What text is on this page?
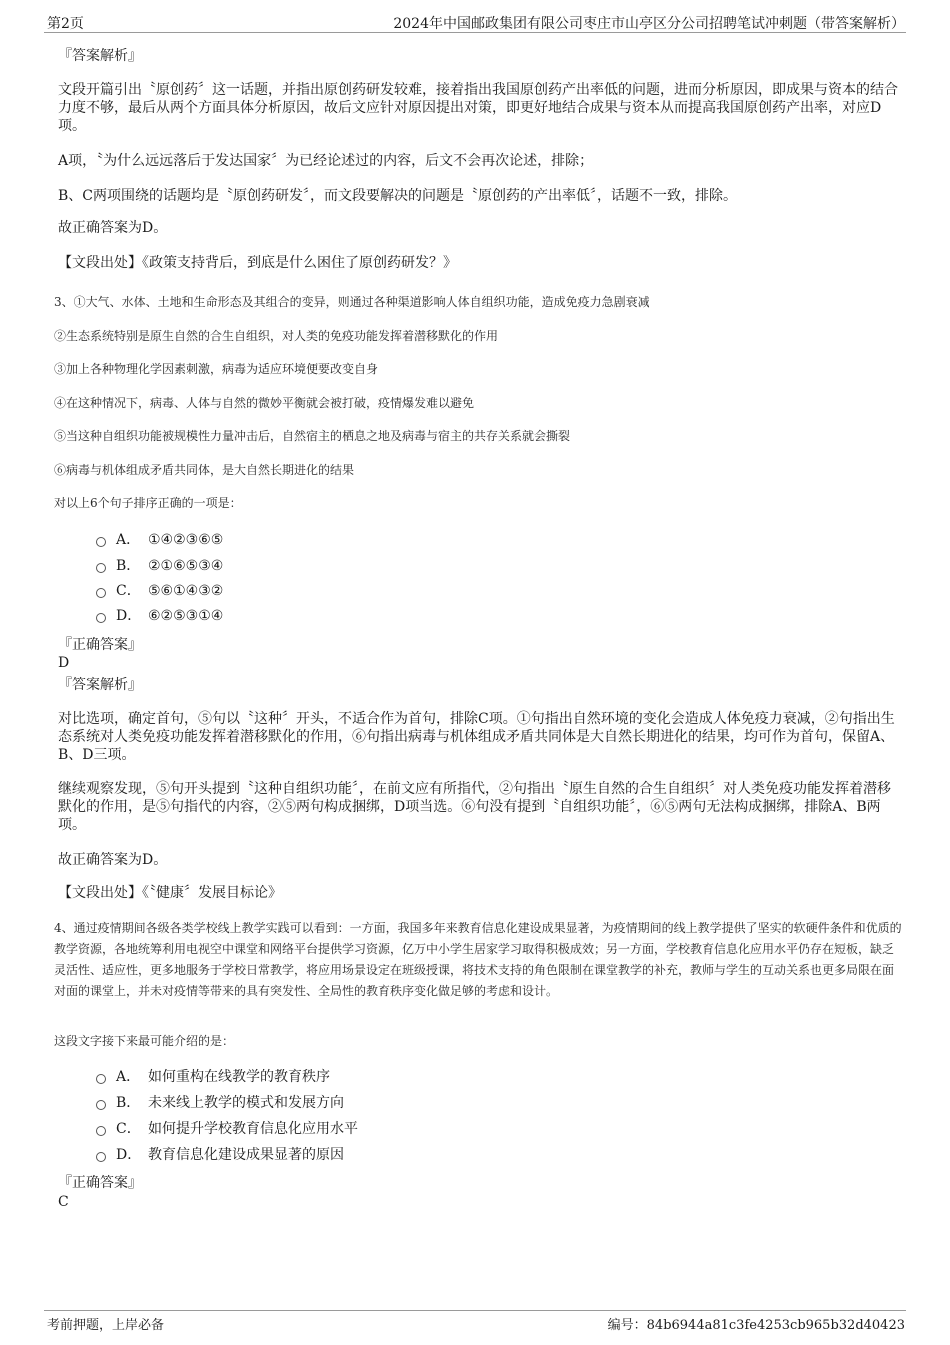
第2页	2024年中国邮政集团有限公司枣庄市山亭区分公司招聘笔试冲刺题（带答案解析）
『答案解析』
文段开篇引出〝原创药〞这一话题，并指出原创药研发较难，接着指出我国原创药产出率低的问题，进而分析原因，即成果与资本的结合力度不够，最后从两个方面具体分析原因，故后文应针对原因提出对策，即更好地结合成果与资本从而提高我国原创药产出率，对应D项。
A项，〝为什么远远落后于发达国家〞为已经论述过的内容，后文不会再次论述，排除；
B、C两项围绕的话题均是〝原创药研发〞，而文段要解决的问题是〝原创药的产出率低〞，话题不一致，排除。
故正确答案为D。
【文段出处】《政策支持背后，到底是什么困住了原创药研发？》
3、①大气、水体、土地和生命形态及其组合的变异，则通过各种渠道影响人体自组织功能，造成免疫力急剧衰减
②生态系统特别是原生自然的合生自组织，对人类的免疫功能发挥着潜移默化的作用
③加上各种物理化学因素刺激，病毒为适应环境便要改变自身
④在这种情况下，病毒、人体与自然的微妙平衡就会被打破，疫情爆发难以避免
⑤当这种自组织功能被规模性力量冲击后，自然宿主的栖息之地及病毒与宿主的共存关系就会撕裂
⑥病毒与机体组成矛盾共同体，是大自然长期进化的结果
对以上6个句子排序正确的一项是：
A． ①④②③⑥⑤
B． ②①⑥⑤③④
C． ⑤⑥①④③②
D． ⑥②⑤③①④
『正确答案』
D
『答案解析』
对比选项，确定首句，⑤句以〝这种〞开头，不适合作为首句，排除C项。①句指出自然环境的变化会造成人体免疫力衰减，②句指出生态系统对人类免疫功能发挥着潜移默化的作用，⑥句指出病毒与机体组成矛盾共同体是大自然长期进化的结果，均可作为首句，保留A、B、D三项。
继续观察发现，⑤句开头提到〝这种自组织功能〞，在前文应有所指代，②句指出〝原生自然的合生自组织〞对人类免疫功能发挥着潜移默化的作用，是⑤句指代的内容，②⑤两句构成捆绑，D项当选。⑥句没有提到〝自组织功能〞，⑥⑤两句无法构成捆绑，排除A、B两项。
故正确答案为D。
【文段出处】《〝健康〞发展目标论》
4、通过疫情期间各级各类学校线上教学实践可以看到：一方面，我国多年来教育信息化建设成果显著，为疫情期间的线上教学提供了坚实的软硬件条件和优质的教学资源，各地统筹利用电视空中课堂和网络平台提供学习资源，亿万中小学生居家学习取得积极成效；另一方面，学校教育信息化应用水平仍存在短板，缺乏灵活性、适应性，更多地服务于学校日常教学，将应用场景设定在班级授课，将技术支持的角色限制在课堂教学的补充，教师与学生的互动关系也更多局限在面对面的课堂上，并未对疫情等带来的具有突发性、全局性的教育秩序变化做足够的考虑和设计。
这段文字接下来最可能介绍的是：
A． 如何重构在线教学的教育秩序
B． 未来线上教学的模式和发展方向
C． 如何提升学校教育信息化应用水平
D． 教育信息化建设成果显著的原因
『正确答案』
C
考前押题，上岸必备	编号：84b6944a81c3fe4253cb965b32d40423
